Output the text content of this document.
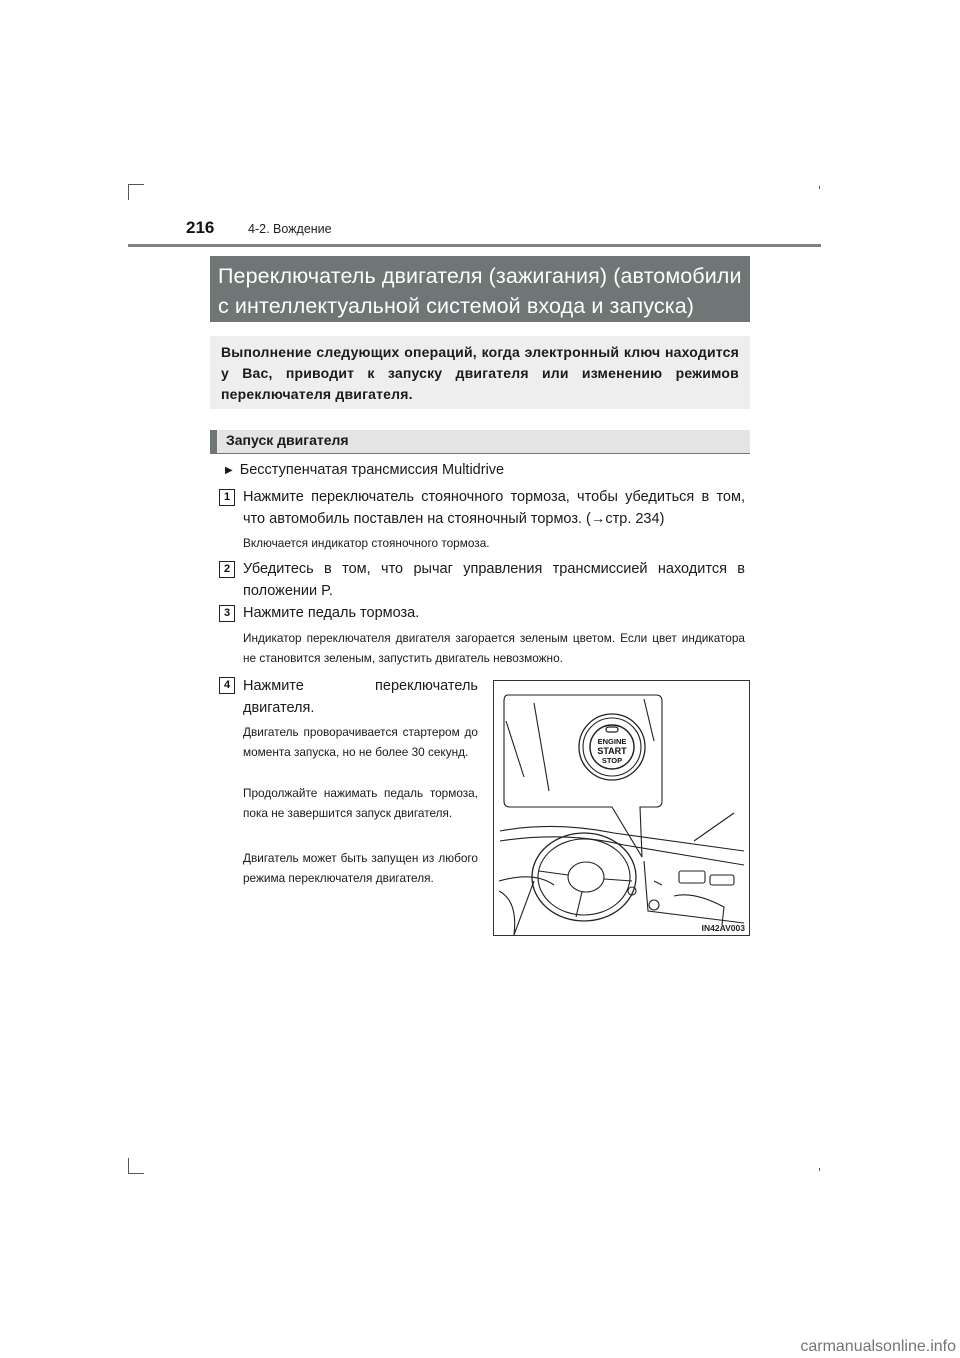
216	4-2. Вождение
Переключатель двигателя (зажигания) (автомобили с интеллектуальной системой входа и запуска)
Выполнение следующих операций, когда электронный ключ находится у Вас, приводит к запуску двигателя или изменению режимов переключателя двигателя.
Запуск двигателя
▶ Бесступенчатая трансмиссия Multidrive
1 Нажмите переключатель стояночного тормоза, чтобы убедиться в том, что автомобиль поставлен на стояночный тормоз. (→стр. 234)
Включается индикатор стояночного тормоза.
2 Убедитесь в том, что рычаг управления трансмиссией находится в положении P.
3 Нажмите педаль тормоза.
Индикатор переключателя двигателя загорается зеленым цветом. Если цвет индикатора не становится зеленым, запустить двигатель невозможно.
4 Нажмите переключатель двигателя.
Двигатель проворачивается стартером до момента запуска, но не более 30 секунд.
Продолжайте нажимать педаль тормоза, пока не завершится запуск двигателя.
Двигатель может быть запущен из любого режима переключателя двигателя.
ENGINE
START
STOP
IN42AV003
carmanualsonline.info
